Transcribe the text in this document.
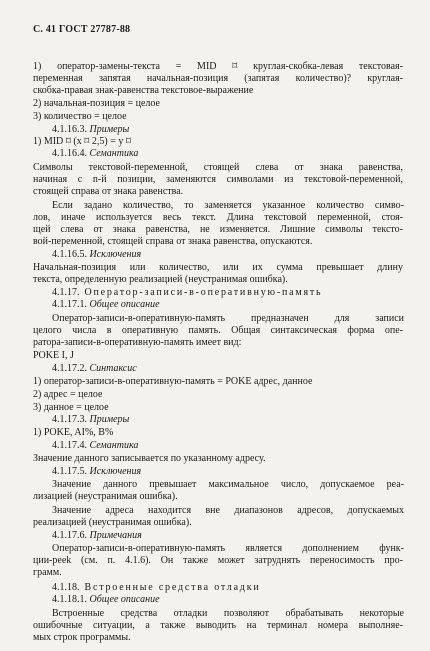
С. 41 ГОСТ 27787-88
1) оператор-замены-текста = MID ⌑ круглая-скобка-левая текстовая-
переменная запятая начальная-позиция (запятая количество)? круглая-
скобка-правая знак-равенства текстовое-выражение
2) начальная-позиция = целое
3) количество = целое
4.1.16.3. Примеры
1) MID ⌑ (x ⌑ 2,5) = y ⌑
4.1.16.4. Семантика
Символы текстовой-переменной, стоящей слева от знака равенства,
начиная с n-й позиции, заменяются символами из текстовой-переменной,
стоящей справа от знака равенства.
Если задано количество, то заменяется указанное количество симво-
лов, иначе используется весь текст. Длина текстовой переменной, стоя-
щей слева от знака равенства, не изменяется. Лишние символы тексто-
вой-переменной, стоящей справа от знака равенства, опускаются.
4.1.16.5. Исключения
Начальная-позиция или количество, или их сумма превышает длину
текста, определенную реализацией (неустранимая ошибка).
4.1.17. Оператор-записи-в-оперативную-память
4.1.17.1. Общее описание
Оператор-записи-в-оперативную-память предназначен для записи
целого числа в оперативную память. Общая синтаксическая форма опе-
ратора-записи-в-оперативную-память имеет вид:
POKE I, J
4.1.17.2. Синтаксис
1) оператор-записи-в-оперативную-память = POKE адрес, данное
2) адрес = целое
3) данное = целое
4.1.17.3. Примеры
1) POKE, AI%, B%
4.1.17.4. Семантика
Значение данного записывается по указанному адресу.
4.1.17.5. Исключения
Значение данного превышает максимальное число, допускаемое реа-
лизацией (неустранимая ошибка).
Значение адреса находится вне диапазонов адресов, допускаемых
реализацией (неустранимая ошибка).
4.1.17.6. Примечания
Оператор-записи-в-оперативную-память является дополнением функ-
ции-peek (см. п. 4.1.6). Он также может затруднять переносимость про-
грамм.
4.1.18. Встроенные средства отладки
4.1.18.1. Общее описание
Встроенные средства отладки позволяют обрабатывать некоторые
ошибочные ситуации, а также выводить на терминал номера выполняе-
мых строк программы.
